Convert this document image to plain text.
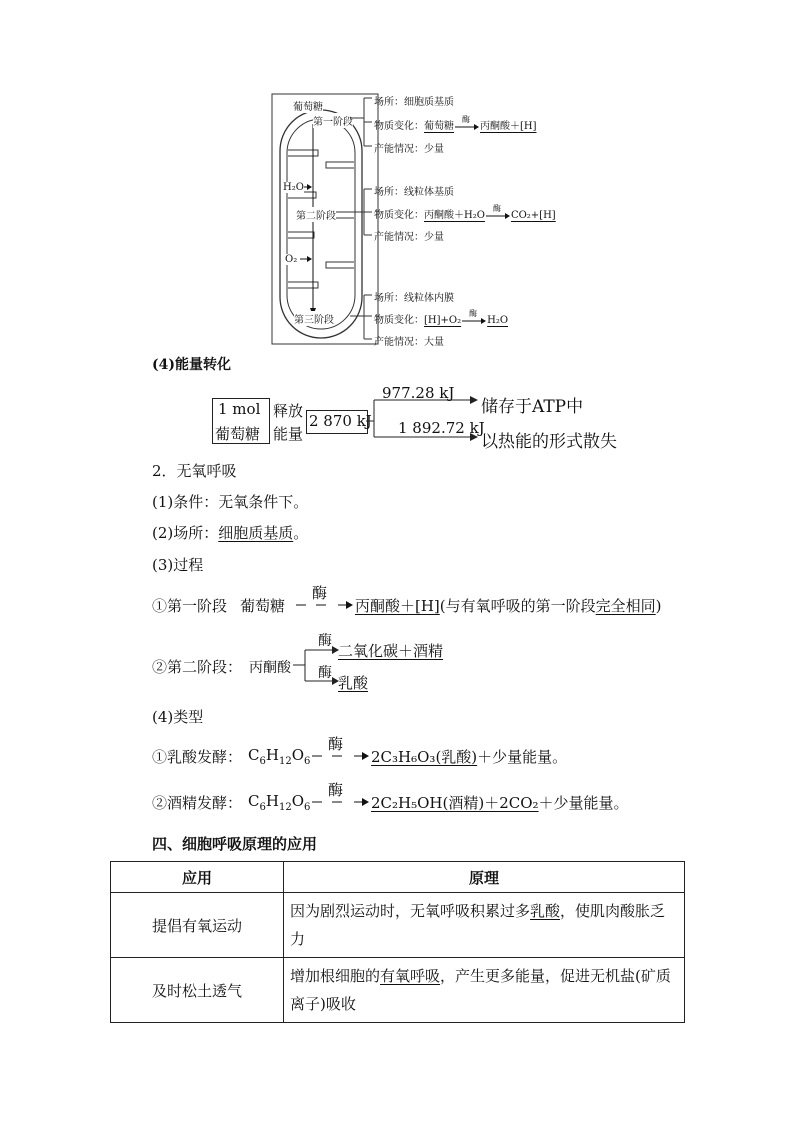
葡萄糖
第一阶段
H₂O
第二阶段
O₂
第三阶段
场所：细胞质基质
物质变化：葡萄糖
酶
丙酮酸＋[H]
产能情况：少量
场所：线粒体基质
物质变化：丙酮酸＋H₂O
酶
CO₂+[H]
产能情况：少量
场所：线粒体内膜
物质变化：[H]+O₂
酶
H₂O
产能情况：大量
(4)能量转化
1 mol
葡萄糖
释放
能量
2 870 kJ
977.28 kJ
1 892.72 kJ
储存于ATP中
以热能的形式散失
2．无氧呼吸
(1)条件：无氧条件下。
(2)场所：细胞质基质。
(3)过程
①第一阶段 葡萄糖
酶
丙酮酸＋[H](与有氧呼吸的第一阶段完全相同)
②第二阶段： 丙酮酸
酶
酶
二氧化碳＋酒精
乳酸
(4)类型
①乳酸发酵： $C_6H_{12}O_6$
酶
2C₃H₆O₃(乳酸)＋少量能量。
②酒精发酵： $C_6H_{12}O_6$
酶
2C₂H₅OH(酒精)＋2CO₂＋少量能量。
四、细胞呼吸原理的应用
应用	原理
提倡有氧运动	因为剧烈运动时，无氧呼吸积累过多乳酸，使肌肉酸胀乏力
及时松土透气	增加根细胞的有氧呼吸，产生更多能量，促进无机盐(矿质离子)吸收
